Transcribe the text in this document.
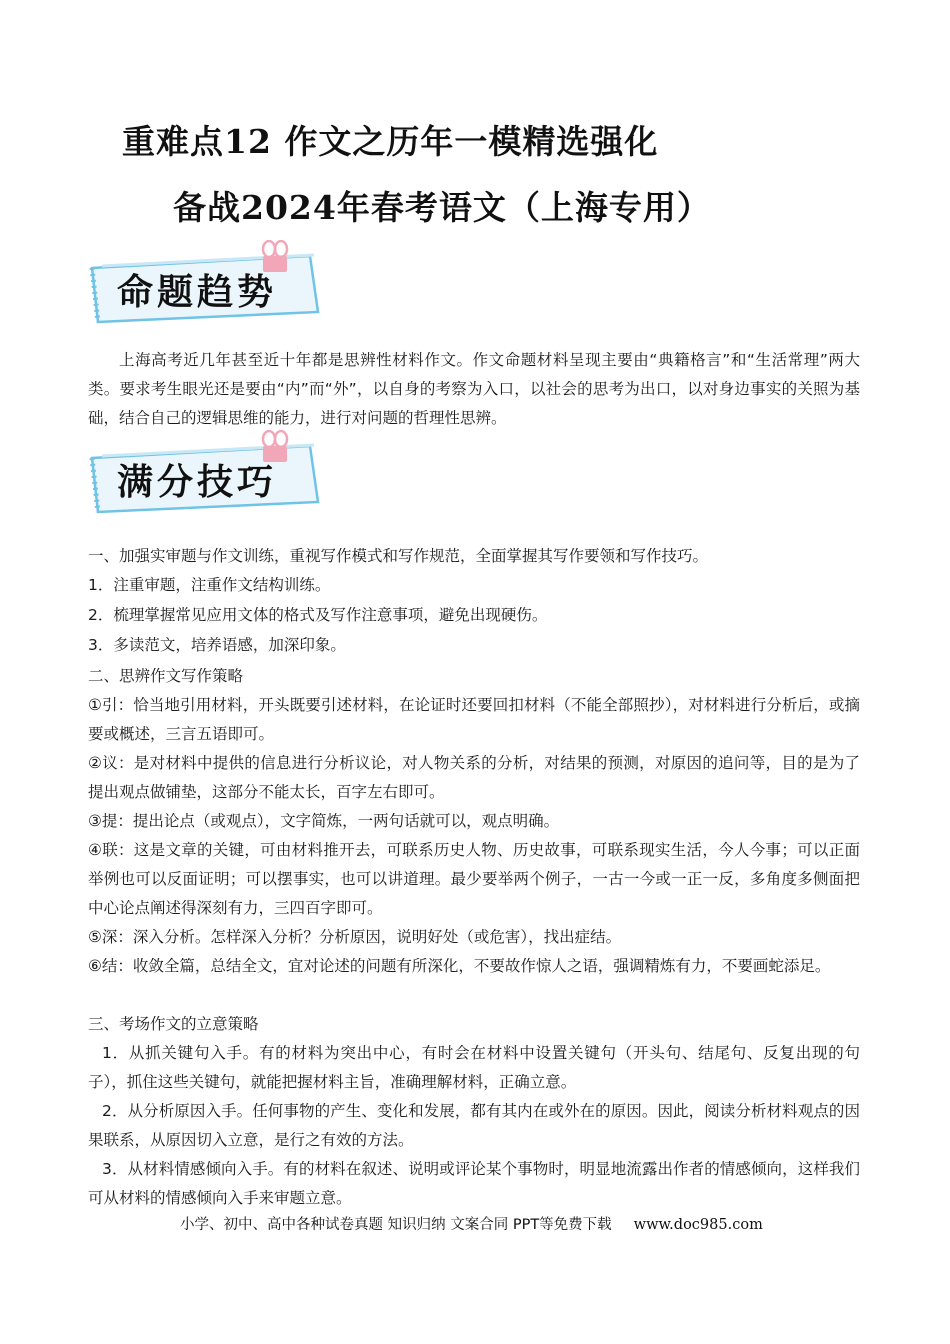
重难点12 作文之历年一模精选强化
备战2024年春考语文（上海专用）
命题趋势

上海高考近几年甚至近十年都是思辨性材料作文。作文命题材料呈现主要由“典籍格言”和“生活常理”两大类。要求考生眼光还是要由“内”而“外”，以自身的考察为入口，以社会的思考为出口，以对身边事实的关照为基础，结合自己的逻辑思维的能力，进行对问题的哲理性思辨。

满分技巧

一、加强实审题与作文训练，重视写作模式和写作规范，全面掌握其写作要领和写作技巧。

1．注重审题，注重作文结构训练。

2．梳理掌握常见应用文体的格式及写作注意事项，避免出现硬伤。

3．多读范文，培养语感，加深印象。

二、思辨作文写作策略

①引：恰当地引用材料，开头既要引述材料，在论证时还要回扣材料（不能全部照抄），对材料进行分析后，或摘要或概述，三言五语即可。

②议：是对材料中提供的信息进行分析议论，对人物关系的分析，对结果的预测，对原因的追问等，目的是为了提出观点做铺垫，这部分不能太长，百字左右即可。

③提：提出论点（或观点），文字简炼，一两句话就可以，观点明确。

④联：这是文章的关键，可由材料推开去，可联系历史人物、历史故事，可联系现实生活，今人今事；可以正面举例也可以反面证明；可以摆事实，也可以讲道理。最少要举两个例子，一古一今或一正一反，多角度多侧面把中心论点阐述得深刻有力，三四百字即可。

⑤深：深入分析。怎样深入分析？分析原因，说明好处（或危害），找出症结。

⑥结：收敛全篇，总结全文，宜对论述的问题有所深化，不要故作惊人之语，强调精炼有力，不要画蛇添足。

三、考场作文的立意策略

1．从抓关键句入手。有的材料为突出中心，有时会在材料中设置关键句（开头句、结尾句、反复出现的句子），抓住这些关键句，就能把握材料主旨，准确理解材料，正确立意。

2．从分析原因入手。任何事物的产生、变化和发展，都有其内在或外在的原因。因此，阅读分析材料观点的因果联系，从原因切入立意，是行之有效的方法。

3．从材料情感倾向入手。有的材料在叙述、说明或评论某个事物时，明显地流露出作者的情感倾向，这样我们可从材料的情感倾向入手来审题立意。

小学、初中、高中各种试卷真题 知识归纳 文案合同 PPT等免费下载 www.doc985.com
